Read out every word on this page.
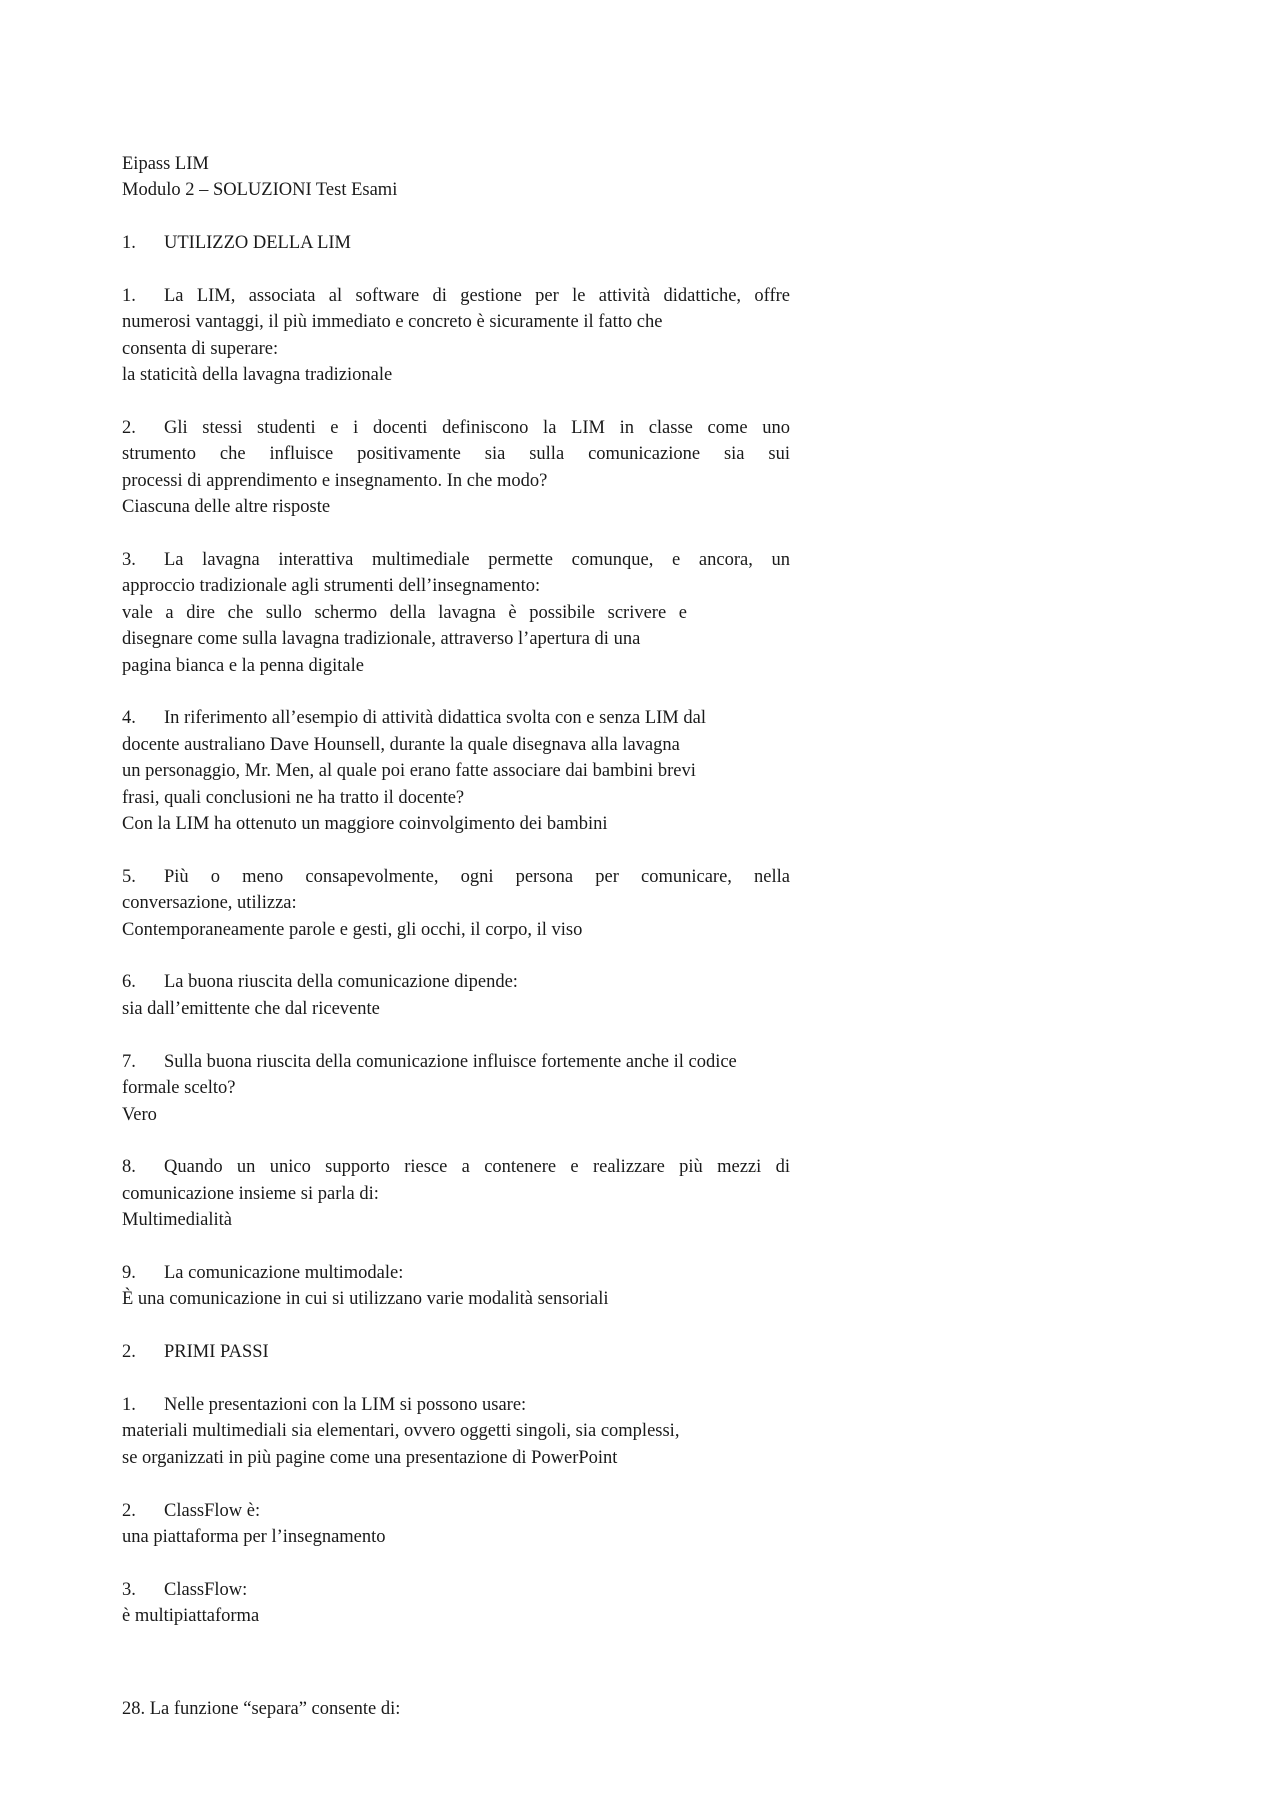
Eipass LIM
Modulo 2 – SOLUZIONI Test Esami
1. UTILIZZO DELLA LIM
1.	La LIM, associata al software di gestione per le attività didattiche, offre
numerosi vantaggi, il più immediato e concreto è sicuramente il fatto che
consenta di superare:
la staticità della lavagna tradizionale
2.	Gli stessi studenti e i docenti definiscono la LIM in classe come uno
strumento che influisce positivamente sia sulla comunicazione sia sui
processi di apprendimento e insegnamento. In che modo?
Ciascuna delle altre risposte
3.	La lavagna interattiva multimediale permette comunque, e ancora, un
approccio tradizionale agli strumenti dell’insegnamento:
vale a dire che sullo schermo della lavagna è possibile scrivere e
disegnare come sulla lavagna tradizionale, attraverso l’apertura di una
pagina bianca e la penna digitale
4. In riferimento all’esempio di attività didattica svolta con e senza LIM dal
docente australiano Dave Hounsell, durante la quale disegnava alla lavagna
un personaggio, Mr. Men, al quale poi erano fatte associare dai bambini brevi
frasi, quali conclusioni ne ha tratto il docente?
Con la LIM ha ottenuto un maggiore coinvolgimento dei bambini
5.	Più o meno consapevolmente, ogni persona per comunicare, nella
conversazione, utilizza:
Contemporaneamente parole e gesti, gli occhi, il corpo, il viso
6. La buona riuscita della comunicazione dipende:
sia dall’emittente che dal ricevente
7. Sulla buona riuscita della comunicazione influisce fortemente anche il codice
formale scelto?
Vero
8.	Quando un unico supporto riesce a contenere e realizzare più mezzi di
comunicazione insieme si parla di:
Multimedialità
9. La comunicazione multimodale:
È una comunicazione in cui si utilizzano varie modalità sensoriali
2. PRIMI PASSI
1. Nelle presentazioni con la LIM si possono usare:
materiali multimediali sia elementari, ovvero oggetti singoli, sia complessi,
se organizzati in più pagine come una presentazione di PowerPoint
2. ClassFlow è:
una piattaforma per l’insegnamento
3. ClassFlow:
è multipiattaforma
28. La funzione “separa” consente di:
